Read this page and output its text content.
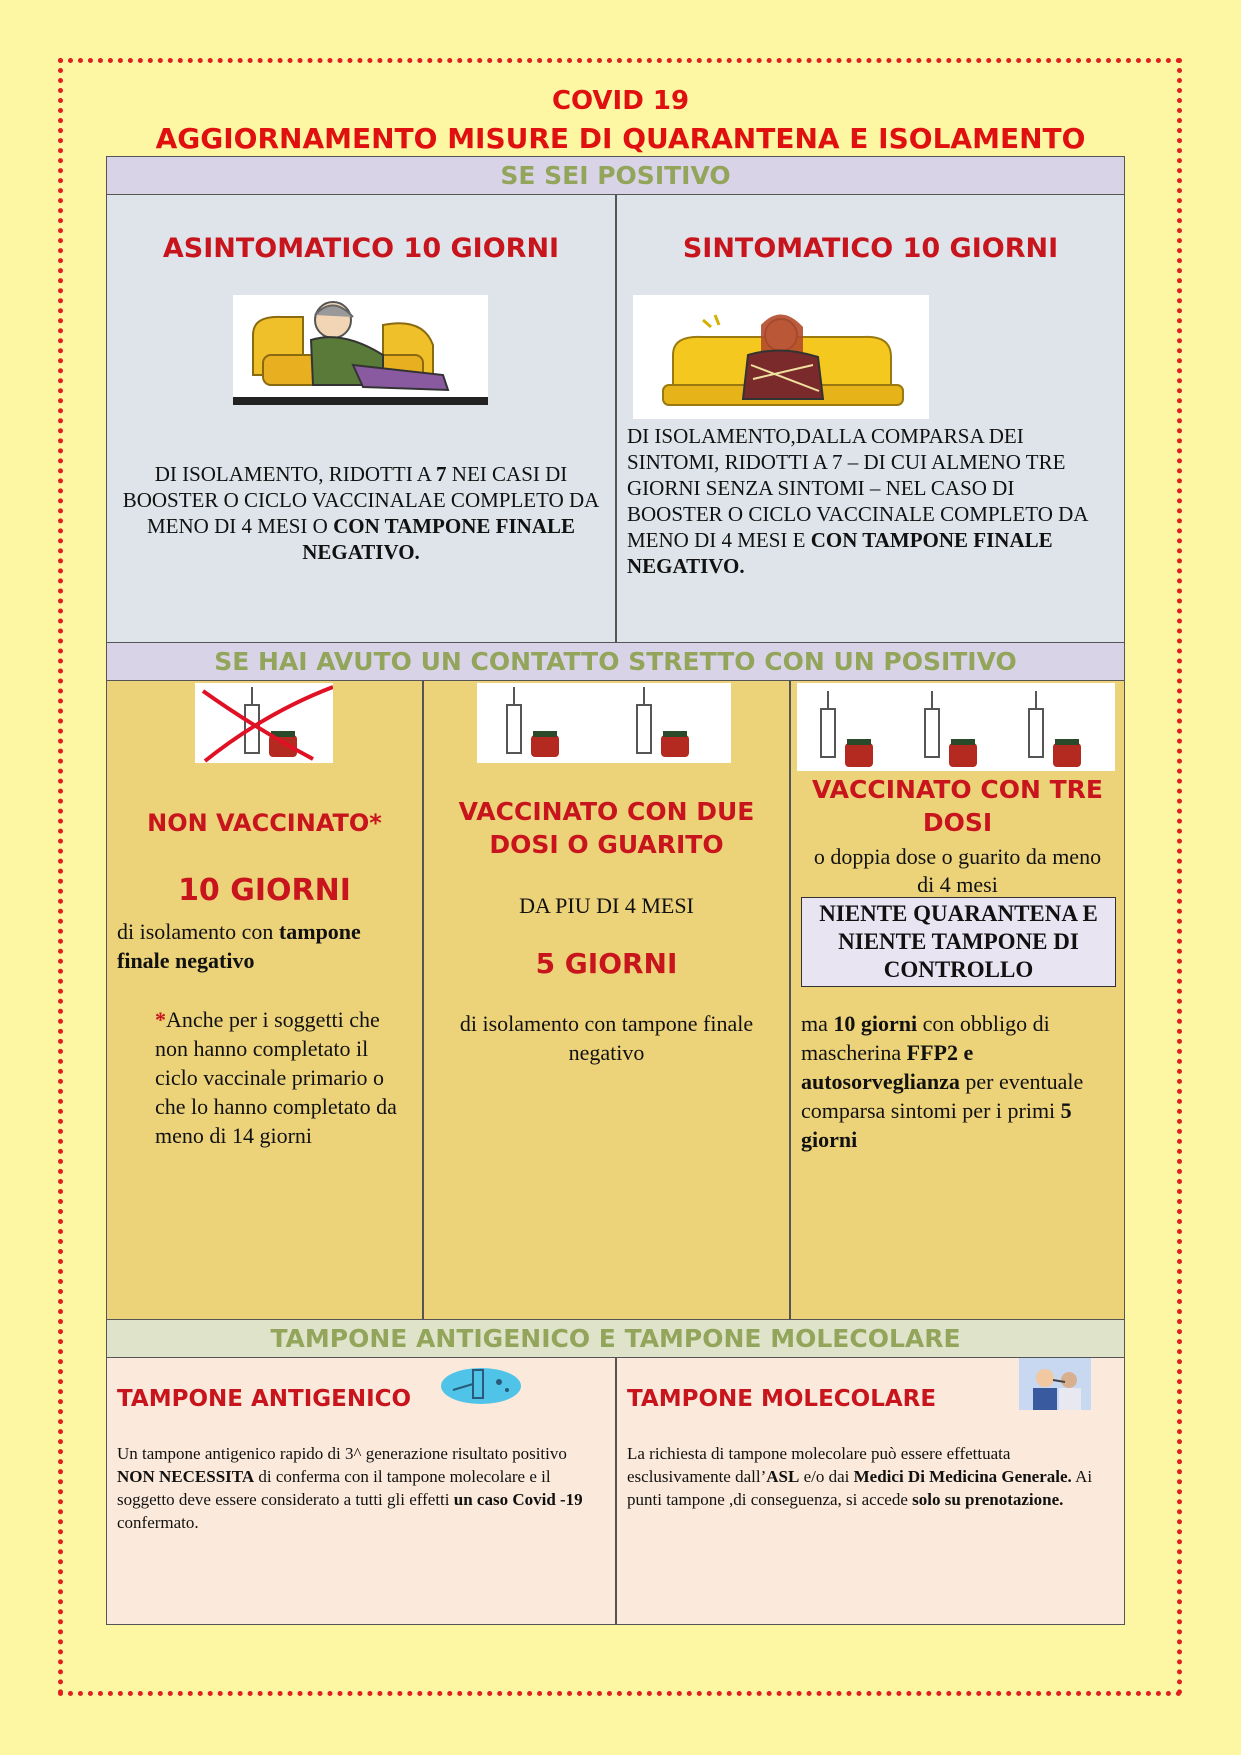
COVID 19
AGGIORNAMENTO MISURE DI QUARANTENA E ISOLAMENTO
SE SEI POSITIVO
ASINTOMATICO 10 GIORNI
DI ISOLAMENTO, RIDOTTI A 7 NEI CASI DI BOOSTER O CICLO VACCINALAE COMPLETO DA MENO DI 4 MESI O CON TAMPONE FINALE NEGATIVO.
SINTOMATICO 10 GIORNI
DI ISOLAMENTO,DALLA COMPARSA DEI SINTOMI, RIDOTTI A 7 – DI CUI ALMENO TRE GIORNI SENZA SINTOMI – NEL CASO DI BOOSTER O CICLO VACCINALE COMPLETO DA MENO DI 4 MESI E CON TAMPONE FINALE NEGATIVO.
SE HAI AVUTO UN CONTATTO STRETTO CON UN POSITIVO
NON VACCINATO*
10 GIORNI
di isolamento con tampone finale negativo
*Anche per i soggetti che non hanno completato il ciclo vaccinale primario o che lo hanno completato da meno di 14 giorni
VACCINATO CON DUE DOSI O GUARITO
DA PIU DI 4 MESI
5 GIORNI
di isolamento con tampone finale negativo
VACCINATO CON TRE DOSI
o doppia dose o guarito da meno di 4 mesi
NIENTE QUARANTENA E NIENTE TAMPONE DI CONTROLLO
ma 10 giorni con obbligo di mascherina FFP2 e autosorveglianza per eventuale comparsa sintomi per i primi 5 giorni
TAMPONE ANTIGENICO E TAMPONE MOLECOLARE
TAMPONE ANTIGENICO
Un tampone antigenico rapido di 3^ generazione risultato positivo NON NECESSITA di conferma con il tampone molecolare e il soggetto deve essere considerato a tutti gli effetti un caso Covid -19 confermato.
TAMPONE MOLECOLARE
La richiesta di tampone molecolare può essere effettuata esclusivamente dall’ASL e/o dai Medici Di Medicina Generale. Ai punti tampone ,di conseguenza, si accede solo su prenotazione.
